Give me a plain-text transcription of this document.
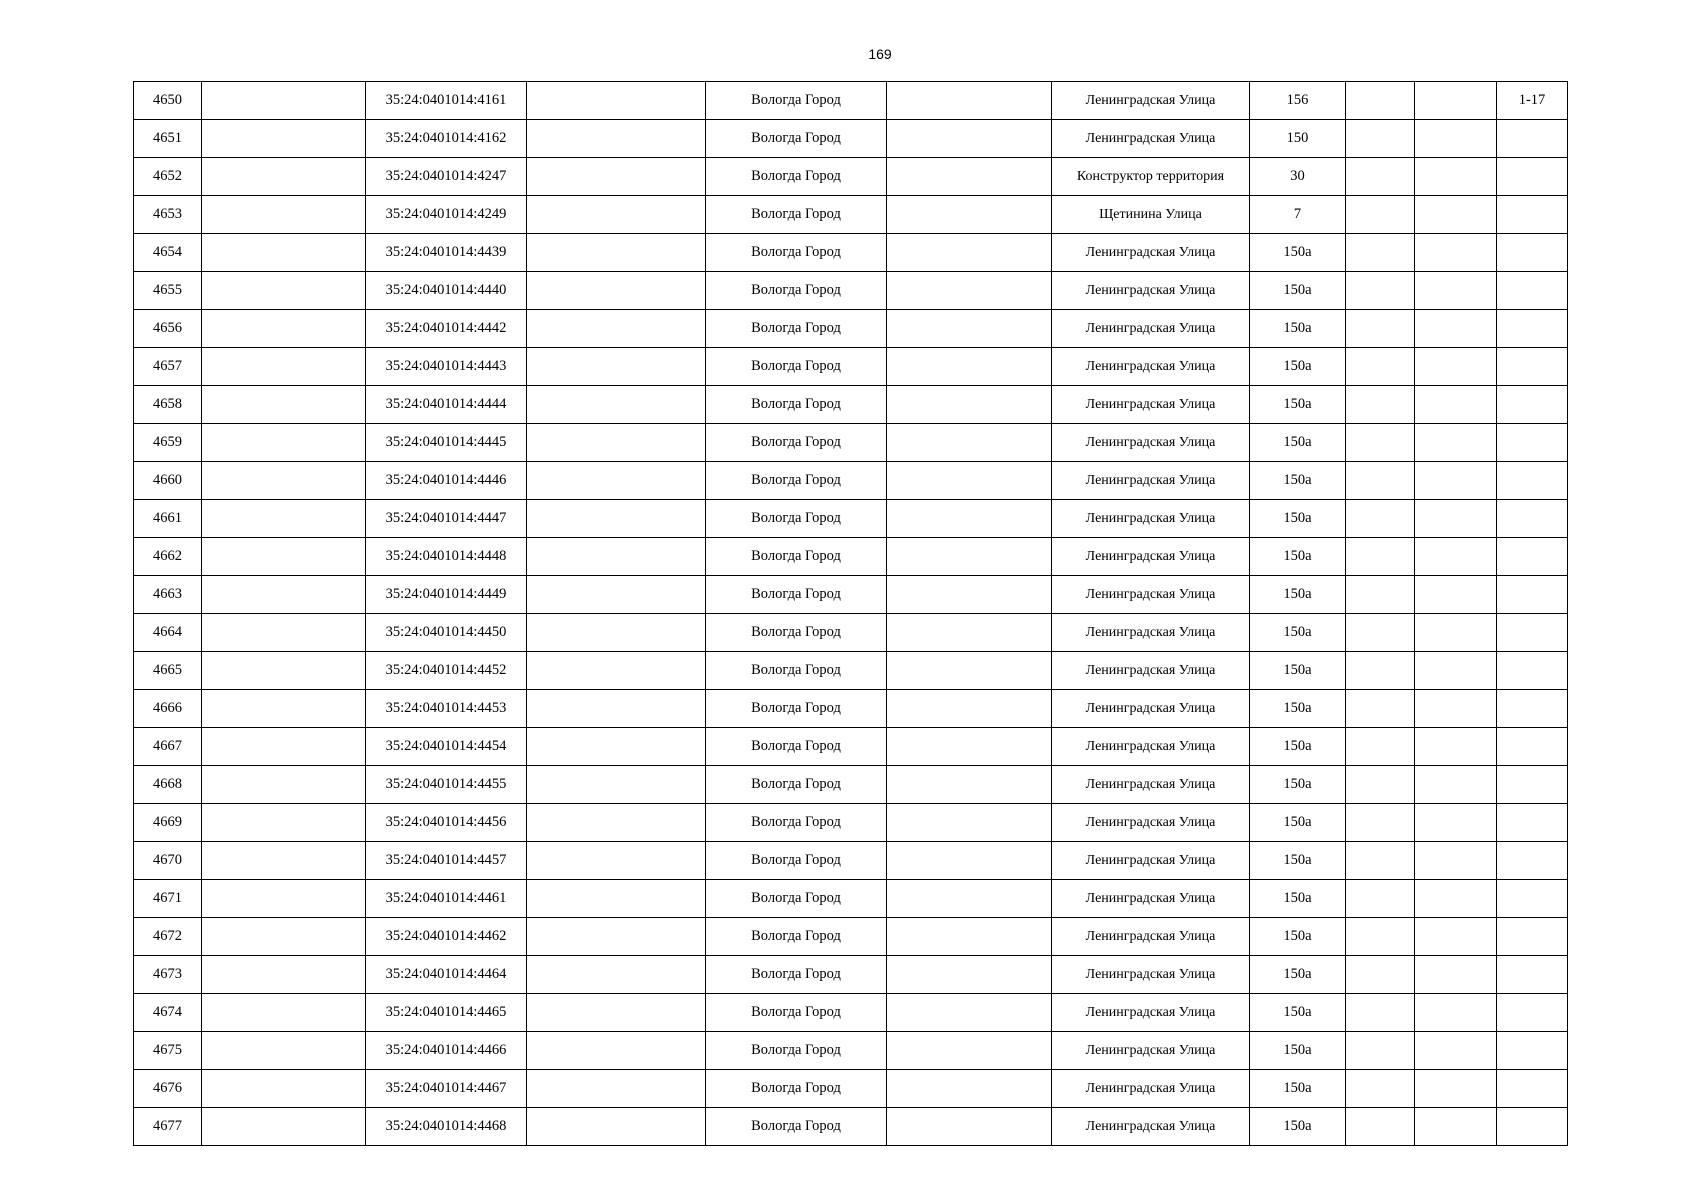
169
4650		35:24:0401014:4161		Вологда Город		Ленинградская Улица	156			1-17
4651		35:24:0401014:4162		Вологда Город		Ленинградская Улица	150			
4652		35:24:0401014:4247		Вологда Город		Конструктор территория	30			
4653		35:24:0401014:4249		Вологда Город		Щетинина Улица	7			
4654		35:24:0401014:4439		Вологда Город		Ленинградская Улица	150а			
4655		35:24:0401014:4440		Вологда Город		Ленинградская Улица	150а			
4656		35:24:0401014:4442		Вологда Город		Ленинградская Улица	150а			
4657		35:24:0401014:4443		Вологда Город		Ленинградская Улица	150а			
4658		35:24:0401014:4444		Вологда Город		Ленинградская Улица	150а			
4659		35:24:0401014:4445		Вологда Город		Ленинградская Улица	150а			
4660		35:24:0401014:4446		Вологда Город		Ленинградская Улица	150а			
4661		35:24:0401014:4447		Вологда Город		Ленинградская Улица	150а			
4662		35:24:0401014:4448		Вологда Город		Ленинградская Улица	150а			
4663		35:24:0401014:4449		Вологда Город		Ленинградская Улица	150а			
4664		35:24:0401014:4450		Вологда Город		Ленинградская Улица	150а			
4665		35:24:0401014:4452		Вологда Город		Ленинградская Улица	150а			
4666		35:24:0401014:4453		Вологда Город		Ленинградская Улица	150а			
4667		35:24:0401014:4454		Вологда Город		Ленинградская Улица	150а			
4668		35:24:0401014:4455		Вологда Город		Ленинградская Улица	150а			
4669		35:24:0401014:4456		Вологда Город		Ленинградская Улица	150а			
4670		35:24:0401014:4457		Вологда Город		Ленинградская Улица	150а			
4671		35:24:0401014:4461		Вологда Город		Ленинградская Улица	150а			
4672		35:24:0401014:4462		Вологда Город		Ленинградская Улица	150а			
4673		35:24:0401014:4464		Вологда Город		Ленинградская Улица	150а			
4674		35:24:0401014:4465		Вологда Город		Ленинградская Улица	150а			
4675		35:24:0401014:4466		Вологда Город		Ленинградская Улица	150а			
4676		35:24:0401014:4467		Вологда Город		Ленинградская Улица	150а			
4677		35:24:0401014:4468		Вологда Город		Ленинградская Улица	150а			
